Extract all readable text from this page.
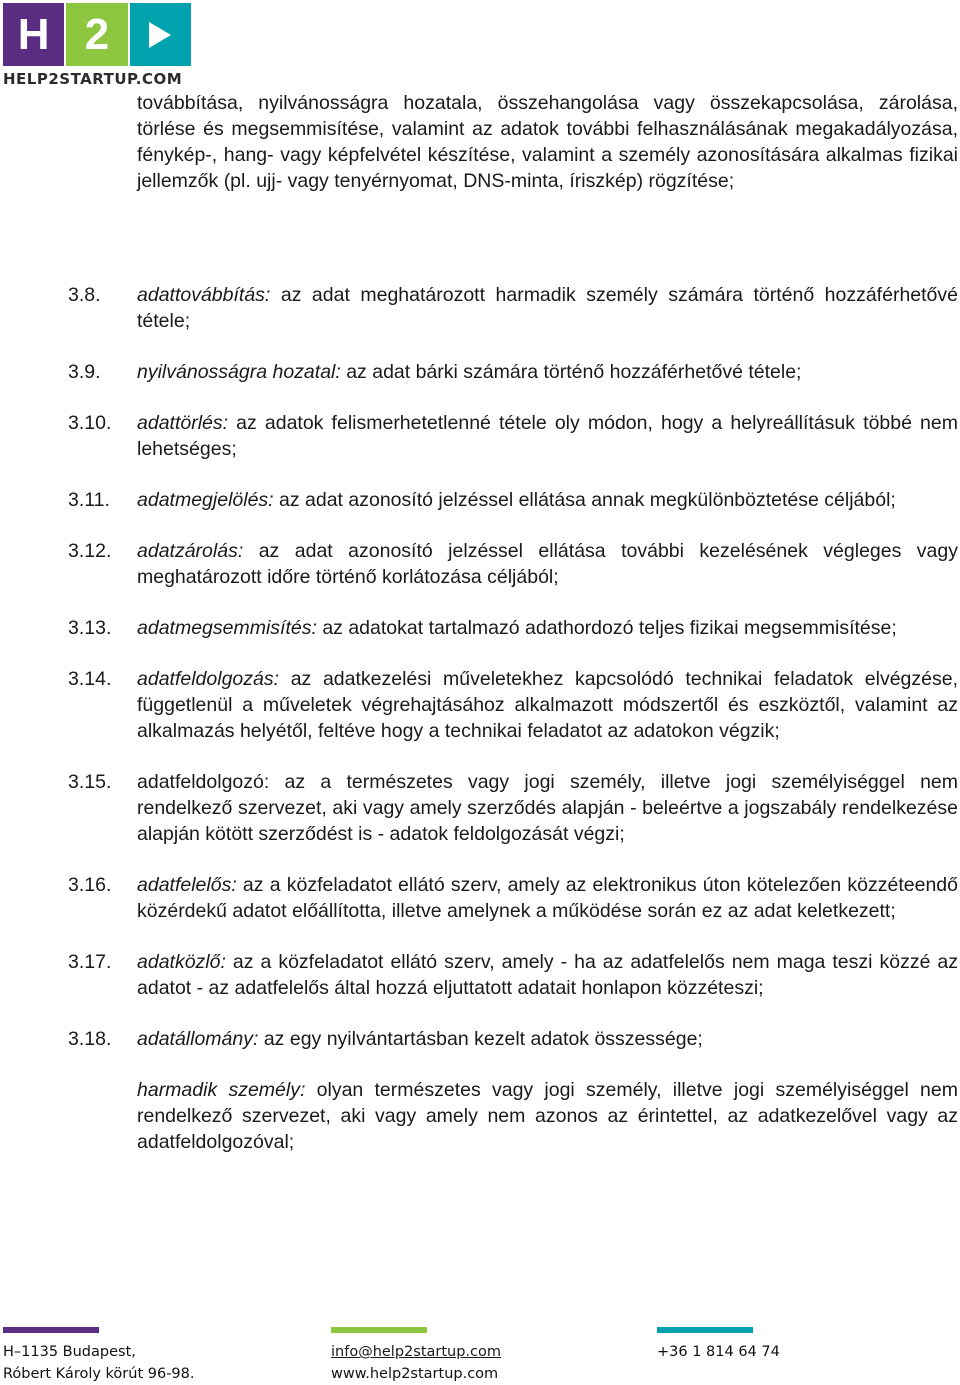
H 2
HELP2STARTUP.COM
továbbítása, nyilvánosságra hozatala, összehangolása vagy összekapcsolása, zárolása, törlése és megsemmisítése, valamint az adatok további felhasználásának megakadályozása, fénykép-, hang- vagy képfelvétel készítése, valamint a személy azonosítására alkalmas fizikai jellemzők (pl. ujj- vagy tenyérnyomat, DNS-minta, íriszkép) rögzítése;
3.8.	adattovábbítás: az adat meghatározott harmadik személy számára történő hozzáférhetővé tétele;
3.9.	nyilvánosságra hozatal: az adat bárki számára történő hozzáférhetővé tétele;
3.10.	adattörlés: az adatok felismerhetetlenné tétele oly módon, hogy a helyreállításuk többé nem lehetséges;
3.11.	adatmegjelölés: az adat azonosító jelzéssel ellátása annak megkülönböztetése céljából;
3.12.	adatzárolás: az adat azonosító jelzéssel ellátása további kezelésének végleges vagy meghatározott időre történő korlátozása céljából;
3.13.	adatmegsemmisítés: az adatokat tartalmazó adathordozó teljes fizikai megsemmisítése;
3.14.	adatfeldolgozás: az adatkezelési műveletekhez kapcsolódó technikai feladatok elvégzése, függetlenül a műveletek végrehajtásához alkalmazott módszertől és eszköztől, valamint az alkalmazás helyétől, feltéve hogy a technikai feladatot az adatokon végzik;
3.15.	adatfeldolgozó: az a természetes vagy jogi személy, illetve jogi személyiséggel nem rendelkező szervezet, aki vagy amely szerződés alapján - beleértve a jogszabály rendelkezése alapján kötött szerződést is - adatok feldolgozását végzi;
3.16.	adatfelelős: az a közfeladatot ellátó szerv, amely az elektronikus úton kötelezően közzéteendő közérdekű adatot előállította, illetve amelynek a működése során ez az adat keletkezett;
3.17.	adatközlő: az a közfeladatot ellátó szerv, amely - ha az adatfelelős nem maga teszi közzé az adatot - az adatfelelős által hozzá eljuttatott adatait honlapon közzéteszi;
3.18.	adatállomány: az egy nyilvántartásban kezelt adatok összessége;
harmadik személy: olyan természetes vagy jogi személy, illetve jogi személyiséggel nem rendelkező szervezet, aki vagy amely nem azonos az érintettel, az adatkezelővel vagy az adatfeldolgozóval;
H–1135 Budapest,
Róbert Károly körút 96-98.
info@help2startup.com
www.help2startup.com
+36 1 814 64 74
